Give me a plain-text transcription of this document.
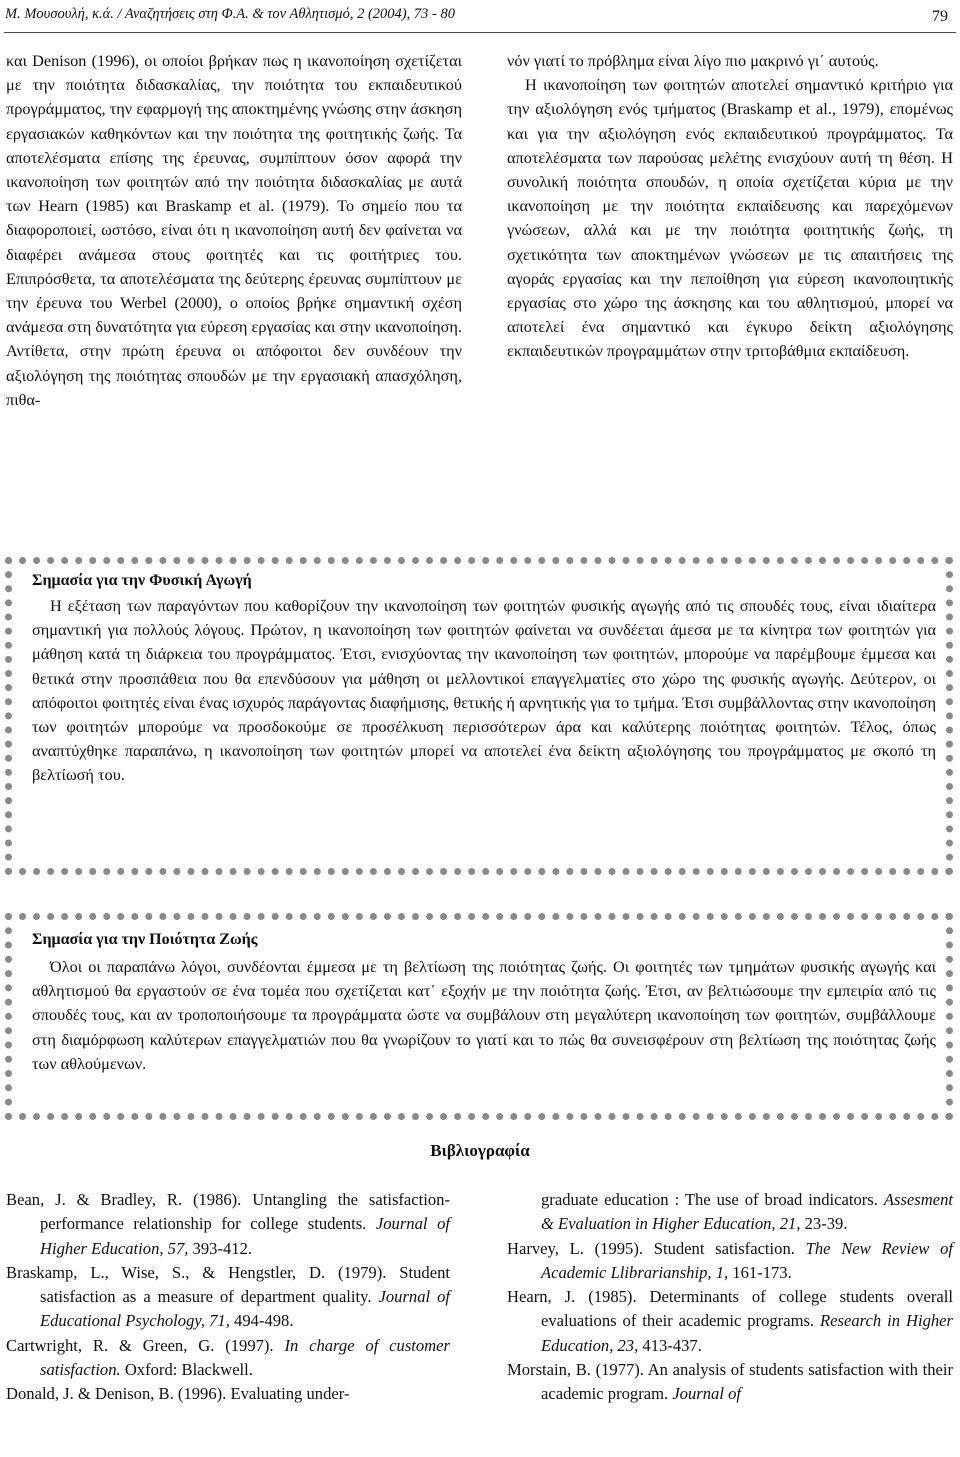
Μ. Μουσουλή, κ.ά. / Αναζητήσεις στη Φ.Α. & τον Αθλητισμό, 2 (2004), 73 - 80	79

και Denison (1996), οι οποίοι βρήκαν πως η ικανοποίηση σχετίζεται με την ποιότητα διδασκαλίας, την ποιότητα του εκπαιδευτικού προγράμματος, την εφαρμογή της αποκτημένης γνώσης στην άσκηση εργασιακών καθηκόντων και την ποιότητα της φοιτητικής ζωής. Τα αποτελέσματα επίσης της έρευνας, συμπίπτουν όσον αφορά την ικανοποίηση των φοιτητών από την ποιότητα διδασκαλίας με αυτά των Hearn (1985) και Braskamp et al. (1979). Το σημείο που τα διαφοροποιεί, ωστόσο, είναι ότι η ικανοποίηση αυτή δεν φαίνεται να διαφέρει ανάμεσα στους φοιτητές και τις φοιτήτριες του. Επιπρόσθετα, τα αποτελέσματα της δεύτερης έρευνας συμπίπτουν με την έρευνα του Werbel (2000), ο οποίος βρήκε σημαντική σχέση ανάμεσα στη δυνατότητα για εύρεση εργασίας και στην ικανοποίηση. Αντίθετα, στην πρώτη έρευνα οι απόφοιτοι δεν συνδέουν την αξιολόγηση της ποιότητας σπουδών με την εργασιακή απασχόληση, πιθα-

νόν γιατί το πρόβλημα είναι λίγο πιο μακρινό γι΄ αυτούς.

Η ικανοποίηση των φοιτητών αποτελεί σημαντικό κριτήριο για την αξιολόγηση ενός τμήματος (Braskamp et al., 1979), επομένως και για την αξιολόγηση ενός εκπαιδευτικού προγράμματος. Τα αποτελέσματα των παρούσας μελέτης ενισχύουν αυτή τη θέση. Η συνολική ποιότητα σπουδών, η οποία σχετίζεται κύρια με την ικανοποίηση με την ποιότητα εκπαίδευσης και παρεχόμενων γνώσεων, αλλά και με την ποιότητα φοιτητικής ζωής, τη σχετικότητα των αποκτημένων γνώσεων με τις απαιτήσεις της αγοράς εργασίας και την πεποίθηση για εύρεση ικανοποιητικής εργασίας στο χώρο της άσκησης και του αθλητισμού, μπορεί να αποτελεί ένα σημαντικό και έγκυρο δείκτη αξιολόγησης εκπαιδευτικών προγραμμάτων στην τριτοβάθμια εκπαίδευση.

Σημασία για την Φυσική Αγωγή

Η εξέταση των παραγόντων που καθορίζουν την ικανοποίηση των φοιτητών φυσικής αγωγής από τις σπουδές τους, είναι ιδιαίτερα σημαντική για πολλούς λόγους. Πρώτον, η ικανοποίηση των φοιτητών φαίνεται να συνδέεται άμεσα με τα κίνητρα των φοιτητών για μάθηση κατά τη διάρκεια του προγράμματος. Έτσι, ενισχύοντας την ικανοποίηση των φοιτητών, μπορούμε να παρέμβουμε έμμεσα και θετικά στην προσπάθεια που θα επενδύσουν για μάθηση οι μελλοντικοί επαγγελματίες στο χώρο της φυσικής αγωγής. Δεύτερον, οι απόφοιτοι φοιτητές είναι ένας ισχυρός παράγοντας διαφήμισης, θετικής ή αρνητικής για το τμήμα. Έτσι συμβάλλοντας στην ικανοποίηση των φοιτητών μπορούμε να προσδοκούμε σε προσέλκυση περισσότερων άρα και καλύτερης ποιότητας φοιτητών. Τέλος, όπως αναπτύχθηκε παραπάνω, η ικανοποίηση των φοιτητών μπορεί να αποτελεί ένα δείκτη αξιολόγησης του προγράμματος με σκοπό τη βελτίωσή του.

Σημασία για την Ποιότητα Ζωής

Όλοι οι παραπάνω λόγοι, συνδέονται έμμεσα με τη βελτίωση της ποιότητας ζωής. Οι φοιτητές των τμημάτων φυσικής αγωγής και αθλητισμού θα εργαστούν σε ένα τομέα που σχετίζεται κατ΄ εξοχήν με την ποιότητα ζωής. Έτσι, αν βελτιώσουμε την εμπειρία από τις σπουδές τους, και αν τροποποιήσουμε τα προγράμματα ώστε να συμβάλουν στη μεγαλύτερη ικανοποίηση των φοιτητών, συμβάλλουμε στη διαμόρφωση καλύτερων επαγγελματιών που θα γνωρίζουν το γιατί και το πώς θα συνεισφέρουν στη βελτίωση της ποιότητας ζωής των αθλούμενων.

Βιβλιογραφία

Bean, J. & Bradley, R. (1986). Untangling the satisfaction-performance relationship for college students. Journal of Higher Education, 57, 393-412.

Braskamp, L., Wise, S., & Hengstler, D. (1979). Student satisfaction as a measure of department quality. Journal of Educational Psychology, 71, 494-498.

Cartwright, R. & Green, G. (1997). In charge of customer satisfaction. Oxford: Blackwell.

Donald, J. & Denison, B. (1996). Evaluating under-

graduate education : The use of broad indicators. Assesment & Evaluation in Higher Education, 21, 23-39.

Harvey, L. (1995). Student satisfaction. The New Review of Academic Llibrarianship, 1, 161-173.

Hearn, J. (1985). Determinants of college students overall evaluations of their academic programs. Research in Higher Education, 23, 413-437.

Morstain, B. (1977). An analysis of students satisfaction with their academic program. Journal of
